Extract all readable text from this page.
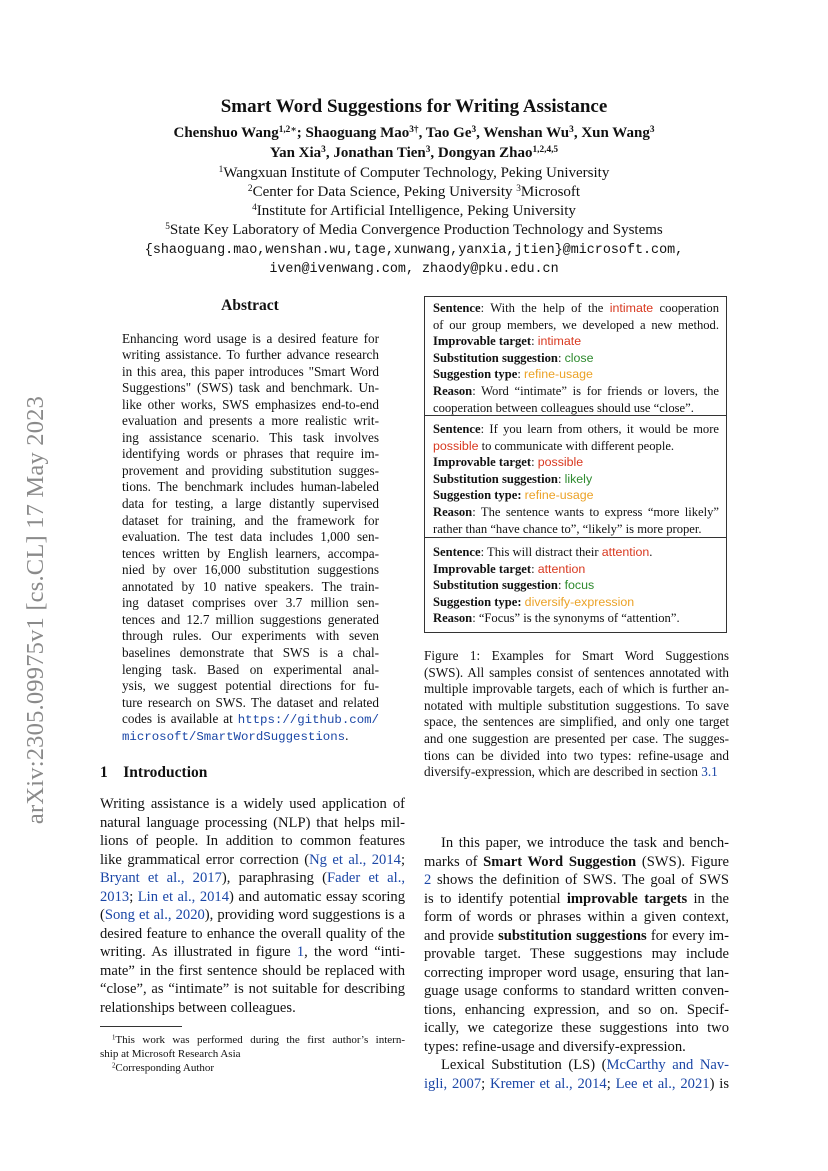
arXiv:2305.09975v1 [cs.CL] 17 May 2023
Smart Word Suggestions for Writing Assistance
Chenshuo Wang$^{1,2∗}$; Shaoguang Mao$^{3\dagger}$, Tao Ge$^3$, Wenshan Wu$^3$, Xun Wang$^3$
Yan Xia$^3$, Jonathan Tien$^3$, Dongyan Zhao$^{1,2,4,5}$
$^1$Wangxuan Institute of Computer Technology, Peking University
$^2$Center for Data Science, Peking University $^3$Microsoft
$^4$Institute for Artificial Intelligence, Peking University
$^5$State Key Laboratory of Media Convergence Production Technology and Systems
{shaoguang.mao,wenshan.wu,tage,xunwang,yanxia,jtien}@microsoft.com,
iven@ivenwang.com, zhaody@pku.edu.cn
Abstract
Enhancing word usage is a desired feature for
writing assistance. To further advance research
in this area, this paper introduces "Smart Word
Suggestions" (SWS) task and benchmark. Un-
like other works, SWS emphasizes end-to-end
evaluation and presents a more realistic writ-
ing assistance scenario. This task involves
identifying words or phrases that require im-
provement and providing substitution sugges-
tions. The benchmark includes human-labeled
data for testing, a large distantly supervised
dataset for training, and the framework for
evaluation. The test data includes 1,000 sen-
tences written by English learners, accompa-
nied by over 16,000 substitution suggestions
annotated by 10 native speakers. The train-
ing dataset comprises over 3.7 million sen-
tences and 12.7 million suggestions generated
through rules. Our experiments with seven
baselines demonstrate that SWS is a chal-
lenging task. Based on experimental anal-
ysis, we suggest potential directions for fu-
ture research on SWS. The dataset and related
codes is available at https://github.com/
microsoft/SmartWordSuggestions.
1 Introduction
Writing assistance is a widely used application of
natural language processing (NLP) that helps mil-
lions of people. In addition to common features
like grammatical error correction (Ng et al., 2014;
Bryant et al., 2017), paraphrasing (Fader et al.,
2013; Lin et al., 2014) and automatic essay scoring
(Song et al., 2020), providing word suggestions is a
desired feature to enhance the overall quality of the
writing. As illustrated in figure 1, the word “inti-
mate” in the first sentence should be replaced with
“close”, as “intimate” is not suitable for describing
relationships between colleagues.
$^1$This work was performed during the first author’s intern-
ship at Microsoft Research Asia
$^2$Corresponding Author
Sentence: With the help of the intimate cooperation
of our group members, we developed a new method.
Improvable target: intimate
Substitution suggestion: close
Suggestion type: refine-usage
Reason: Word “intimate” is for friends or lovers, the
cooperation between colleagues should use “close”.
Sentence: If you learn from others, it would be more
possible to communicate with different people.
Improvable target: possible
Substitution suggestion: likely
Suggestion type: refine-usage
Reason: The sentence wants to express “more likely”
rather than “have chance to”, “likely” is more proper.
Sentence: This will distract their attention.
Improvable target: attention
Substitution suggestion: focus
Suggestion type: diversify-expression
Reason: “Focus” is the synonyms of “attention”.
Figure 1: Examples for Smart Word Suggestions
(SWS). All samples consist of sentences annotated with
multiple improvable targets, each of which is further an-
notated with multiple substitution suggestions. To save
space, the sentences are simplified, and only one target
and one suggestion are presented per case. The sugges-
tions can be divided into two types: refine-usage and
diversify-expression, which are described in section 3.1
In this paper, we introduce the task and bench-
marks of Smart Word Suggestion (SWS). Figure
2 shows the definition of SWS. The goal of SWS
is to identify potential improvable targets in the
form of words or phrases within a given context,
and provide substitution suggestions for every im-
provable target. These suggestions may include
correcting improper word usage, ensuring that lan-
guage usage conforms to standard written conven-
tions, enhancing expression, and so on. Specif-
ically, we categorize these suggestions into two
types: refine-usage and diversify-expression.
Lexical Substitution (LS) (McCarthy and Nav-
igli, 2007; Kremer et al., 2014; Lee et al., 2021) is
